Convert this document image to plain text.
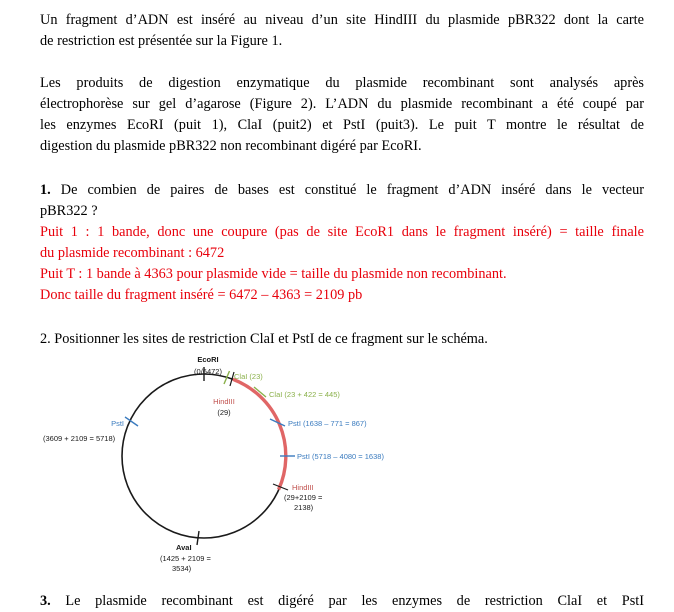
Un fragment d’ADN est inséré au niveau d’un site HindIII du plasmide pBR322 dont la carte
de restriction est présentée sur la Figure 1.

Les produits de digestion enzymatique du plasmide recombinant sont analysés après
électrophorèse sur gel d’agarose (Figure 2). L’ADN du plasmide recombinant a été coupé par
les enzymes EcoRI (puit 1), ClaI (puit2) et PstI (puit3). Le puit T montre le résultat de
digestion du plasmide pBR322 non recombinant digéré par EcoRI.

1. De combien de paires de bases est constitué le fragment d’ADN inséré dans le vecteur
pBR322 ?

Puit 1 : 1 bande, donc une coupure (pas de site EcoR1 dans le fragment inséré) = taille finale
du plasmide recombinant : 6472
Puit T : 1 bande à 4363 pour plasmide vide = taille du plasmide non recombinant.
Donc taille du fragment inséré = 6472 – 4363 = 2109 pb

2. Positionner les sites de restriction ClaI et PstI de ce fragment sur le schéma.

EcoRI
(0/6472)
ClaI (23)
HindIII
(29)
ClaI (23 + 422 = 445)
PstI (1638 – 771 = 867)
PstI (5718 – 4080 = 1638)
HindIII
(29+2109 =
2138)
PstI
(3609 + 2109 = 5718)
AvaI
(1425 + 2109 =
3534)

3. Le plasmide recombinant est digéré par les enzymes de restriction ClaI et PstI
